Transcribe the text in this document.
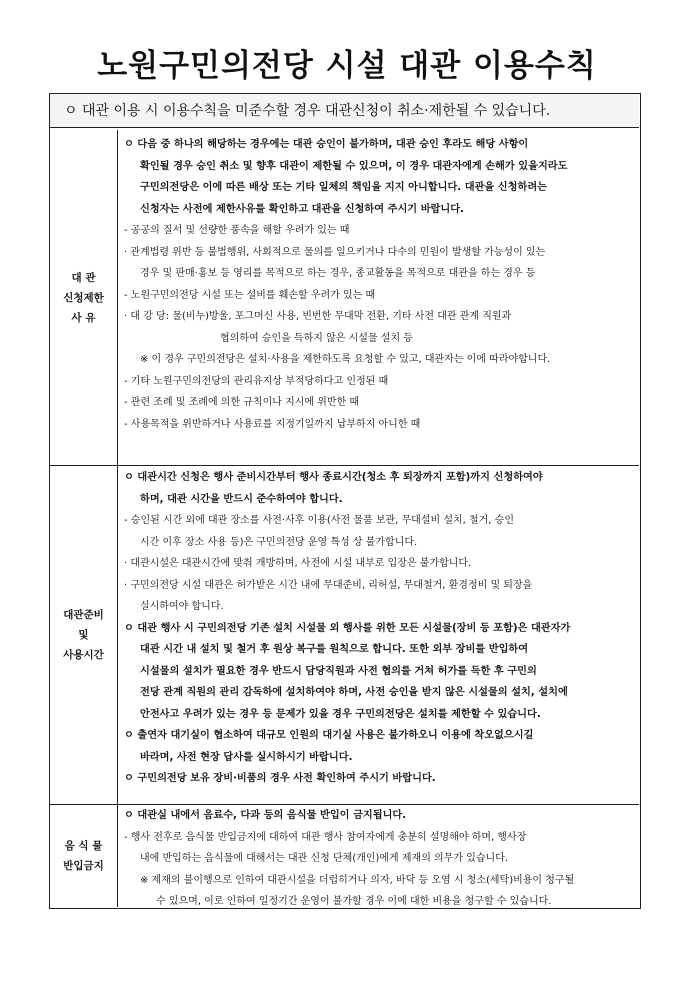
노원구민의전당 시설 대관 이용수칙
ㅇ 대관 이용 시 이용수칙을 미준수할 경우 대관신청이 취소·제한될 수 있습니다.
대 관
신청제한
사 유
ㅇ 다음 중 하나의 해당하는 경우에는 대관 승인이 불가하며, 대관 승인 후라도 해당 사항이
확인될 경우 승인 취소 및 향후 대관이 제한될 수 있으며, 이 경우 대관자에게 손해가 있을지라도
구민의전당은 이에 따른 배상 또는 기타 일체의 책임을 지지 아니합니다. 대관을 신청하려는
신청자는 사전에 제한사유를 확인하고 대관을 신청하여 주시기 바랍니다.
- 공공의 질서 및 선량한 풍속을 해할 우려가 있는 때
· 관계법령 위반 등 불법행위, 사회적으로 물의를 일으키거나 다수의 민원이 발생할 가능성이 있는
경우 및 판매·홍보 등 영리를 목적으로 하는 경우, 종교활동을 목적으로 대관을 하는 경우 등
- 노원구민의전당 시설 또는 설비를 훼손할 우려가 있는 때
· 대 강 당: 물(비누)방울, 포그머신 사용, 빈번한 무대막 전환, 기타 사전 대관 관계 직원과
협의하여 승인을 득하지 않은 시설물 설치 등
※ 이 경우 구민의전당은 설치·사용을 제한하도록 요청할 수 있고, 대관자는 이에 따라야합니다.
- 기타 노원구민의전당의 관리유지상 부적당하다고 인정된 때
- 관련 조례 및 조례에 의한 규칙이나 지시에 위반한 때
- 사용목적을 위반하거나 사용료를 지정기일까지 납부하지 아니한 때
대관준비
및
사용시간
ㅇ 대관시간 신청은 행사 준비시간부터 행사 종료시간(청소 후 퇴장까지 포함)까지 신청하여야
하며, 대관 시간을 반드시 준수하여야 합니다.
- 승인된 시간 외에 대관 장소를 사전·사후 이용(사전 물품 보관, 무대설비 설치, 철거, 승인
시간 이후 장소 사용 등)은 구민의전당 운영 특성 상 불가합니다.
· 대관시설은 대관시간에 맞춰 개방하며, 사전에 시설 내부로 입장은 불가합니다.
· 구민의전당 시설 대관은 허가받은 시간 내에 무대준비, 리허설, 무대철거, 환경정비 및 퇴장을
실시하여야 합니다.
ㅇ 대관 행사 시 구민의전당 기존 설치 시설물 외 행사를 위한 모든 시설물(장비 등 포함)은 대관자가
대관 시간 내 설치 및 철거 후 원상 복구를 원칙으로 합니다. 또한 외부 장비를 반입하여
시설물의 설치가 필요한 경우 반드시 담당직원과 사전 협의를 거쳐 허가를 득한 후 구민의
전당 관계 직원의 관리 감독하에 설치하여야 하며, 사전 승인을 받지 않은 시설물의 설치, 설치에
안전사고 우려가 있는 경우 등 문제가 있을 경우 구민의전당은 설치를 제한할 수 있습니다.
ㅇ 출연자 대기실이 협소하여 대규모 인원의 대기실 사용은 불가하오니 이용에 착오없으시길
바라며, 사전 현장 답사를 실시하시기 바랍니다.
ㅇ 구민의전당 보유 장비·비품의 경우 사전 확인하여 주시기 바랍니다.
음 식 물
반입금지
ㅇ 대관실 내에서 음료수, 다과 등의 음식물 반입이 금지됩니다.
- 행사 전후로 음식물 반입금지에 대하여 대관 행사 참여자에게 충분히 설명해야 하며, 행사장
내에 반입하는 음식물에 대해서는 대관 신청 단체(개인)에게 제재의 의무가 있습니다.
※ 제재의 불이행으로 인하여 대관시설을 더럽히거나 의자, 바닥 등 오염 시 청소(세탁)비용이 청구될
수 있으며, 이로 인하여 일정기간 운영이 불가할 경우 이에 대한 비용을 청구할 수 있습니다.
